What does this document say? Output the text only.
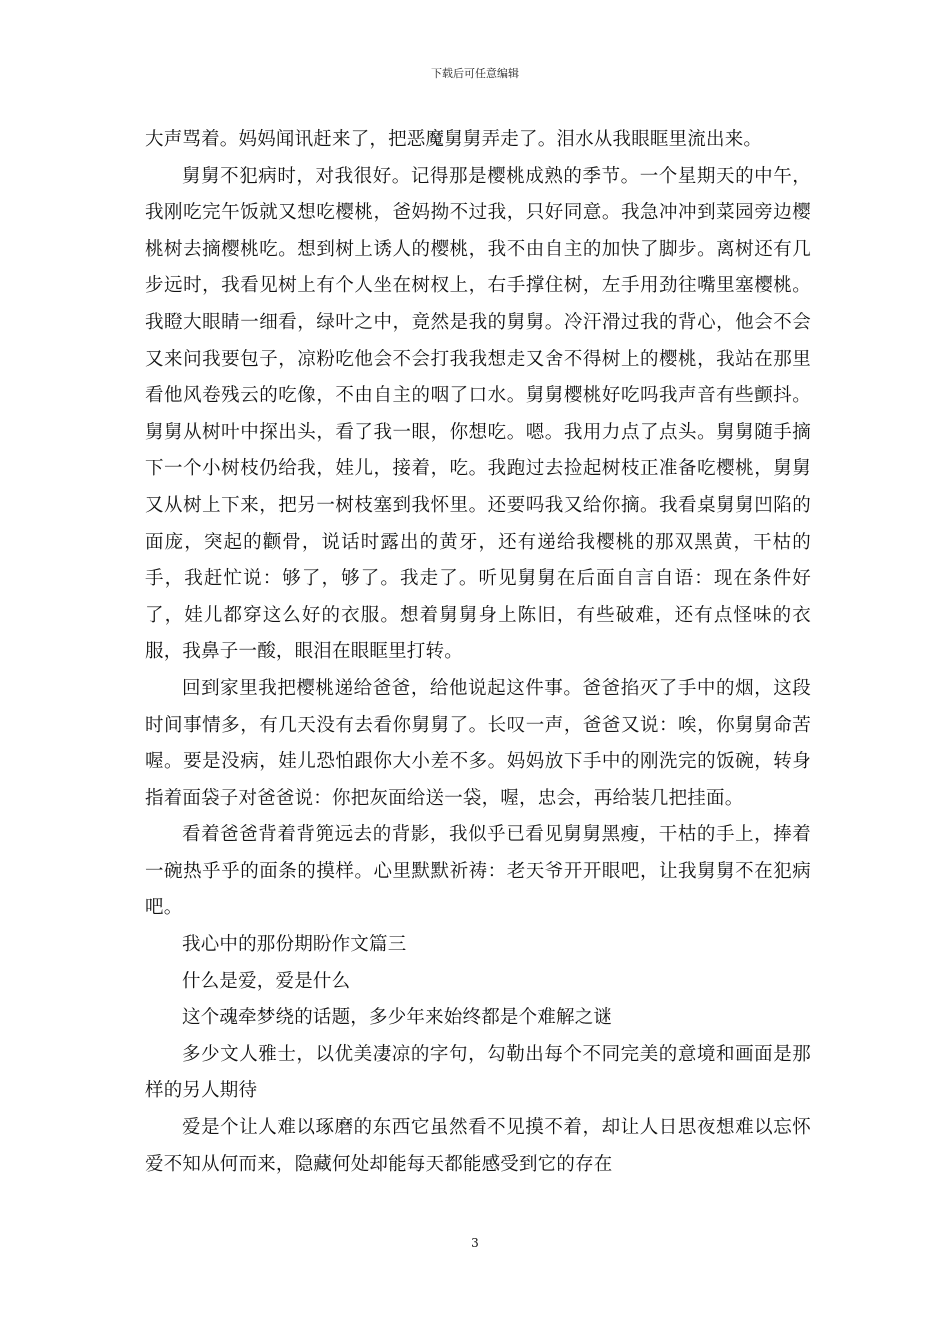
下载后可任意编辑

大声骂着。妈妈闻讯赶来了，把恶魔舅舅弄走了。泪水从我眼眶里流出来。

舅舅不犯病时，对我很好。记得那是樱桃成熟的季节。一个星期天的中午，我刚吃完午饭就又想吃樱桃，爸妈拗不过我，只好同意。我急冲冲到菜园旁边樱桃树去摘樱桃吃。想到树上诱人的樱桃，我不由自主的加快了脚步。离树还有几步远时，我看见树上有个人坐在树杈上，右手撑住树，左手用劲往嘴里塞樱桃。我瞪大眼睛一细看，绿叶之中，竟然是我的舅舅。冷汗滑过我的背心，他会不会又来问我要包子，凉粉吃他会不会打我我想走又舍不得树上的樱桃，我站在那里看他风卷残云的吃像，不由自主的咽了口水。舅舅樱桃好吃吗我声音有些颤抖。舅舅从树叶中探出头，看了我一眼，你想吃。嗯。我用力点了点头。舅舅随手摘下一个小树枝仍给我，娃儿，接着，吃。我跑过去捡起树枝正准备吃樱桃，舅舅又从树上下来，把另一树枝塞到我怀里。还要吗我又给你摘。我看桌舅舅凹陷的面庞，突起的颧骨，说话时露出的黄牙，还有递给我樱桃的那双黑黄，干枯的手，我赶忙说：够了，够了。我走了。听见舅舅在后面自言自语：现在条件好了，娃儿都穿这么好的衣服。想着舅舅身上陈旧，有些破难，还有点怪味的衣服，我鼻子一酸，眼泪在眼眶里打转。

回到家里我把樱桃递给爸爸，给他说起这件事。爸爸掐灭了手中的烟，这段时间事情多，有几天没有去看你舅舅了。长叹一声，爸爸又说：唉，你舅舅命苦喔。要是没病，娃儿恐怕跟你大小差不多。妈妈放下手中的刚洗完的饭碗，转身指着面袋子对爸爸说：你把灰面给送一袋，喔，忠会，再给装几把挂面。

看着爸爸背着背篼远去的背影，我似乎已看见舅舅黑瘦，干枯的手上，捧着一碗热乎乎的面条的摸样。心里默默祈祷：老天爷开开眼吧，让我舅舅不在犯病吧。

我心中的那份期盼作文篇三

什么是爱，爱是什么

这个魂牵梦绕的话题，多少年来始终都是个难解之谜

多少文人雅士，以优美凄凉的字句，勾勒出每个不同完美的意境和画面是那样的另人期待

爱是个让人难以琢磨的东西它虽然看不见摸不着，却让人日思夜想难以忘怀爱不知从何而来，隐藏何处却能每天都能感受到它的存在

3
